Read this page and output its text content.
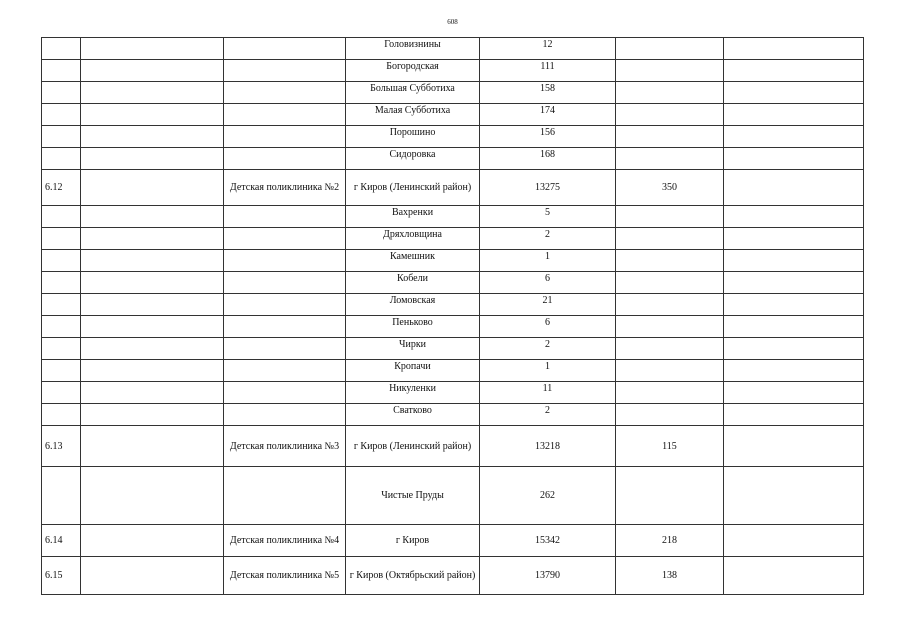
608
			Головизнины	12		
			Богородская	111		
			Большая Субботиха	158		
			Малая Субботиха	174		
			Порошино	156		
			Сидоровка	168		
6.12		Детская поликлиника №2	г Киров (Ленинский район)	13275	350	
			Вахренки	5		
			Дряхловщина	2		
			Камешник	1		
			Кобели	6		
			Ломовская	21		
			Пеньково	6		
			Чирки	2		
			Кропачи	1		
			Никуленки	11		
			Сватково	2		
6.13		Детская поликлиника №3	г Киров (Ленинский район)	13218	115	
			Чистые Пруды	262		
6.14		Детская поликлиника №4	г Киров	15342	218	
6.15		Детская поликлиника №5	г Киров (Октябрьский район)	13790	138	
